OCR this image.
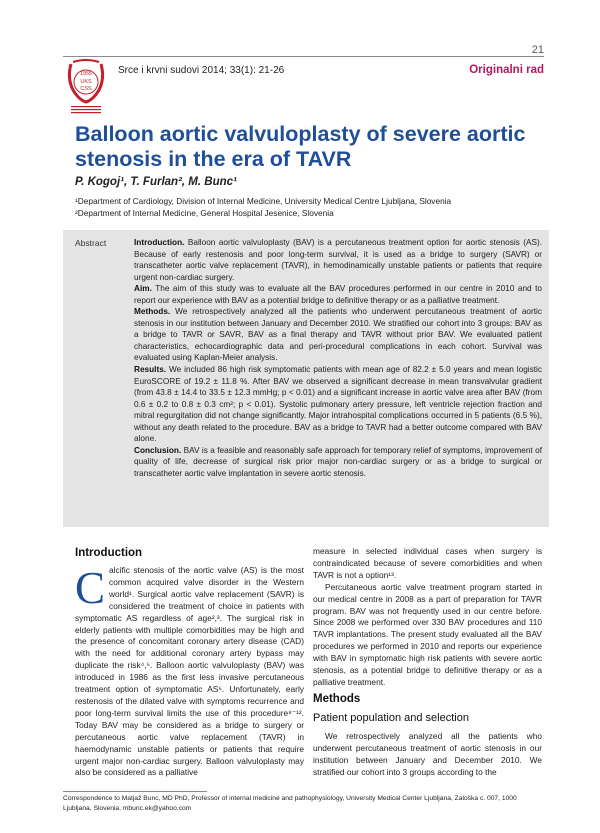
21
1955
UKS
CSS
Srce i krvni sudovi 2014; 33(1): 21-26	Originalni rad
Balloon aortic valvuloplasty of severe aortic stenosis in the era of TAVR
P. Kogoj¹, T. Furlan², M. Bunc¹
¹Department of Cardiology, Division of Internal Medicine, University Medical Centre Ljubljana, Slovenia
²Department of Internal Medicine, General Hospital Jesenice, Slovenia
Abstract	Introduction. Balloon aortic valvuloplasty (BAV) is a percutaneous treatment option for aortic stenosis (AS). Because of early restenosis and poor long-term survival, it is used as a bridge to surgery (SAVR) or transcatheter aortic valve replacement (TAVR), in hemodinamically unstable patients or patients that require urgent non-cardiac surgery.

Aim. The aim of this study was to evaluate all the BAV procedures performed in our centre in 2010 and to report our experience with BAV as a potential bridge to definitive therapy or as a palliative treatment.

Methods. We retrospectively analyzed all the patients who underwent percutaneous treatment of aortic stenosis in our institution between January and December 2010. We stratified our cohort into 3 groups: BAV as a bridge to TAVR or SAVR, BAV as a final therapy and TAVR without prior BAV. We evaluated patient characteristics, echocardiographic data and peri-procedural complications in each cohort. Survival was evaluated using Kaplan-Meier analysis.

Results. We included 86 high risk symptomatic patients with mean age of 82.2 ± 5.0 years and mean logistic EuroSCORE of 19.2 ± 11.8 %. After BAV we observed a significant decrease in mean transvalvular gradient (from 43.8 ± 14.4 to 33.5 ± 12.3 mmHg; p < 0.01) and a significant increase in aortic valve area after BAV (from 0.6 ± 0.2 to 0.8 ± 0.3 cm²; p < 0.01). Systolic pulmonary artery pressure, left ventricle rejection fraction and mitral regurgitation did not change significantly. Major intrahospital complications occurred in 5 patients (6.5 %), without any death related to the procedure. BAV as a bridge to TAVR had a better outcome compared with BAV alone.

Conclusion. BAV is a feasible and reasonably safe approach for temporary relief of symptoms, improvement of quality of life, decrease of surgical risk prior major non-cardiac surgery or as a bridge to surgical or transcatheter aortic valve implantation in severe aortic stenosis.

Introduction

Calcific stenosis of the aortic valve (AS) is the most common acquired valve disorder in the Western world¹. Surgical aortic valve replacement (SAVR) is considered the treatment of choice in patients with symptomatic AS regardless of age²,³. The surgical risk in elderly patients with multiple comorbidities may be high and the presence of concomitant coronary artery disease (CAD) with the need for additional coronary artery bypass may duplicate the risk⁴,⁵. Balloon aortic valvuloplasty (BAV) was introduced in 1986 as the first less invasive percutaneous treatment option of symptomatic AS⁶. Unfortunately, early restenosis of the dilated valve with symptoms recurrence and poor long-term survival limits the use of this procedure⁸⁻¹². Today BAV may be considered as a bridge to surgery or percutaneous aortic valve replacement (TAVR) in haemodynamic unstable patients or patients that require urgent major non-cardiac surgery. Balloon valvuloplasty may also be considered as a palliative

measure in selected individual cases when surgery is contraindicated because of severe comorbidities and when TAVR is not a option¹³.

Percutaneous aortic valve treatment program started in our medical centre in 2008 as a part of preparation for TAVR program. BAV was not frequently used in our centre before. Since 2008 we performed over 330 BAV procedures and 110 TAVR implantations. The present study evaluated all the BAV procedures we performed in 2010 and reports our experience with BAV in symptomatic high risk patients with severe aortic stenosis, as a potential bridge to definitive therapy or as a palliative treatment.

Methods
Patient population and selection

We retrospectively analyzed all the patients who underwent percutaneous treatment of aortic stenosis in our institution between January and December 2010. We stratified our cohort into 3 groups according to the

Correspondence to Matjaž Bunc, MD PhD, Professor of internal medicine and pathophysiology, University Medical Center Ljubljana, Zaloška c. 007, 1000 Ljubljana, Slovenia, mbunc.ek@yahoo.com
